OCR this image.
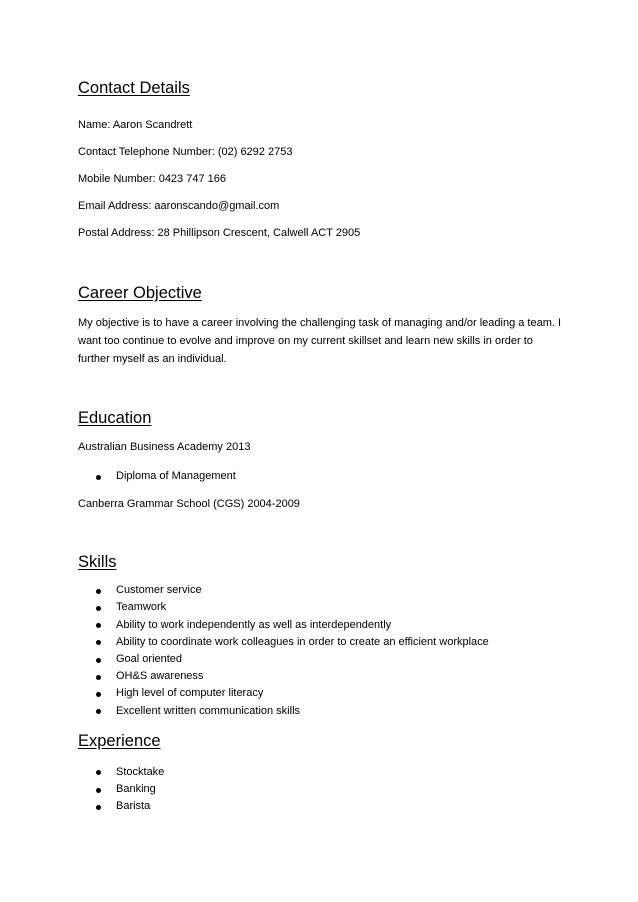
Contact Details

Name: Aaron Scandrett

Contact Telephone Number: (02) 6292 2753

Mobile Number: 0423 747 166

Email Address: aaronscando@gmail.com

Postal Address: 28 Phillipson Crescent, Calwell ACT 2905

Career Objective

My objective is to have a career involving the challenging task of managing and/or leading a team. I

want too continue to evolve and improve on my current skillset and learn new skills in order to

further myself as an individual.

Education

Australian Business Academy 2013

Diploma of Management

Canberra Grammar School (CGS) 2004-2009

Skills
Customer service
Teamwork
Ability to work independently as well as interdependently
Ability to coordinate work colleagues in order to create an efficient workplace
Goal oriented
OH&S awareness
High level of computer literacy
Excellent written communication skills
Experience
Stocktake
Banking
Barista
